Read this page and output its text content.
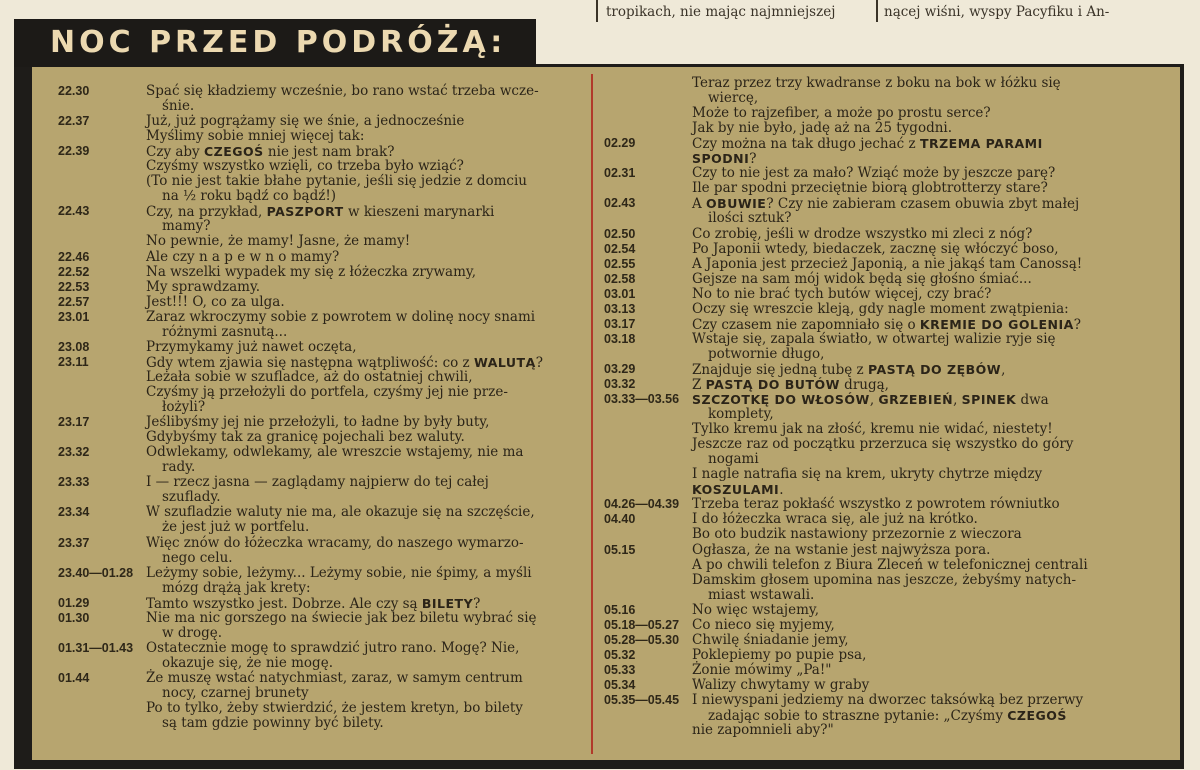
tropikach, nie mając najmniejszej	nącej wiśni, wyspy Pacyfiku i An-
NOC PRZED PODRÓŻĄ:
22.30	Spać się kładziemy wcześnie, bo rano wstać trzeba wcze-
śnie.
22.37	Już, już pogrążamy się we śnie, a jednocześnie
Myślimy sobie mniej więcej tak:
22.39	Czy aby CZEGOŚ nie jest nam brak?
Czyśmy wszystko wzięli, co trzeba było wziąć?
(To nie jest takie błahe pytanie, jeśli się jedzie z domciu
na ½ roku bądź co bądź!)
22.43	Czy, na przykład, PASZPORT w kieszeni marynarki
mamy?
No pewnie, że mamy! Jasne, że mamy!
22.46	Ale czy n a p e w n o mamy?
22.52	Na wszelki wypadek my się z łóżeczka zrywamy,
22.53	My sprawdzamy.
22.57	Jest!!! O, co za ulga.
23.01	Zaraz wkroczymy sobie z powrotem w dolinę nocy snami
różnymi zasnutą...
23.08	Przymykamy już nawet oczęta,
23.11	Gdy wtem zjawia się następna wątpliwość: co z WALUTĄ?
Leżała sobie w szufladce, aż do ostatniej chwili,
Czyśmy ją przełożyli do portfela, czyśmy jej nie prze-
łożyli?
23.17	Jeślibyśmy jej nie przełożyli, to ładne by były buty,
Gdybyśmy tak za granicę pojechali bez waluty.
23.32	Odwlekamy, odwlekamy, ale wreszcie wstajemy, nie ma
rady.
23.33	I — rzecz jasna — zaglądamy najpierw do tej całej
szuflady.
23.34	W szufladzie waluty nie ma, ale okazuje się na szczęście,
że jest już w portfelu.
23.37	Więc znów do łóżeczka wracamy, do naszego wymarzo-
nego celu.
23.40—01.28 Leżymy sobie, leżymy... Leżymy sobie, nie śpimy, a myśli
mózg drążą jak krety:
01.29	Tamto wszystko jest. Dobrze. Ale czy są BILETY?
01.30	Nie ma nic gorszego na świecie jak bez biletu wybrać się
w drogę.
01.31—01.43 Ostatecznie mogę to sprawdzić jutro rano. Mogę? Nie,
okazuje się, że nie mogę.
01.44	Że muszę wstać natychmiast, zaraz, w samym centrum
nocy, czarnej brunety
Po to tylko, żeby stwierdzić, że jestem kretyn, bo bilety
są tam gdzie powinny być bilety.
Teraz przez trzy kwadranse z boku na bok w łóżku się
wiercę,
Może to rajzefiber, a może po prostu serce?
Jak by nie było, jadę aż na 25 tygodni.
02.29	Czy można na tak długo jechać z TRZEMA PARAMI
SPODNI?
02.31	Czy to nie jest za mało? Wziąć może by jeszcze parę?
Ile par spodni przeciętnie biorą globtrotterzy stare?
02.43	A OBUWIE? Czy nie zabieram czasem obuwia zbyt małej
ilości sztuk?
02.50	Co zrobię, jeśli w drodze wszystko mi zleci z nóg?
02.54	Po Japonii wtedy, biedaczek, zacznę się włóczyć boso,
02.55	A Japonia jest przecież Japonią, a nie jakąś tam Canossą!
02.58	Gejsze na sam mój widok będą się głośno śmiać...
03.01	No to nie brać tych butów więcej, czy brać?
03.13	Oczy się wreszcie kleją, gdy nagle moment zwątpienia:
03.17	Czy czasem nie zapomniało się o KREMIE DO GOLENIA?
03.18	Wstaje się, zapala światło, w otwartej walizie ryje się
potwornie długo,
03.29	Znajduje się jedną tubę z PASTĄ DO ZĘBÓW,
03.32	Z PASTĄ DO BUTÓW drugą,
03.33—03.56 SZCZOTKĘ DO WŁOSÓW, GRZEBIEŃ, SPINEK dwa
komplety,
Tylko kremu jak na złość, kremu nie widać, niestety!
Jeszcze raz od początku przerzuca się wszystko do góry
nogami
I nagle natrafia się na krem, ukryty chytrze między
KOSZULAMI.
04.26—04.39 Trzeba teraz pokłaść wszystko z powrotem równiutko
04.40	I do łóżeczka wraca się, ale już na krótko.
Bo oto budzik nastawiony przezornie z wieczora
05.15	Ogłasza, że na wstanie jest najwyższa pora.
A po chwili telefon z Biura Zleceń w telefonicznej centrali
Damskim głosem upomina nas jeszcze, żebyśmy natych-
miast wstawali.
05.16	No więc wstajemy,
05.18—05.27 Co nieco się myjemy,
05.28—05.30 Chwilę śniadanie jemy,
05.32	Poklepiemy po pupie psa,
05.33	Żonie mówimy „Pa!"
05.34	Walizy chwytamy w graby
05.35—05.45 I niewyspani jedziemy na dworzec taksówką bez przerwy
zadając sobie to straszne pytanie: „Czyśmy CZEGOŚ
nie zapomnieli aby?"
